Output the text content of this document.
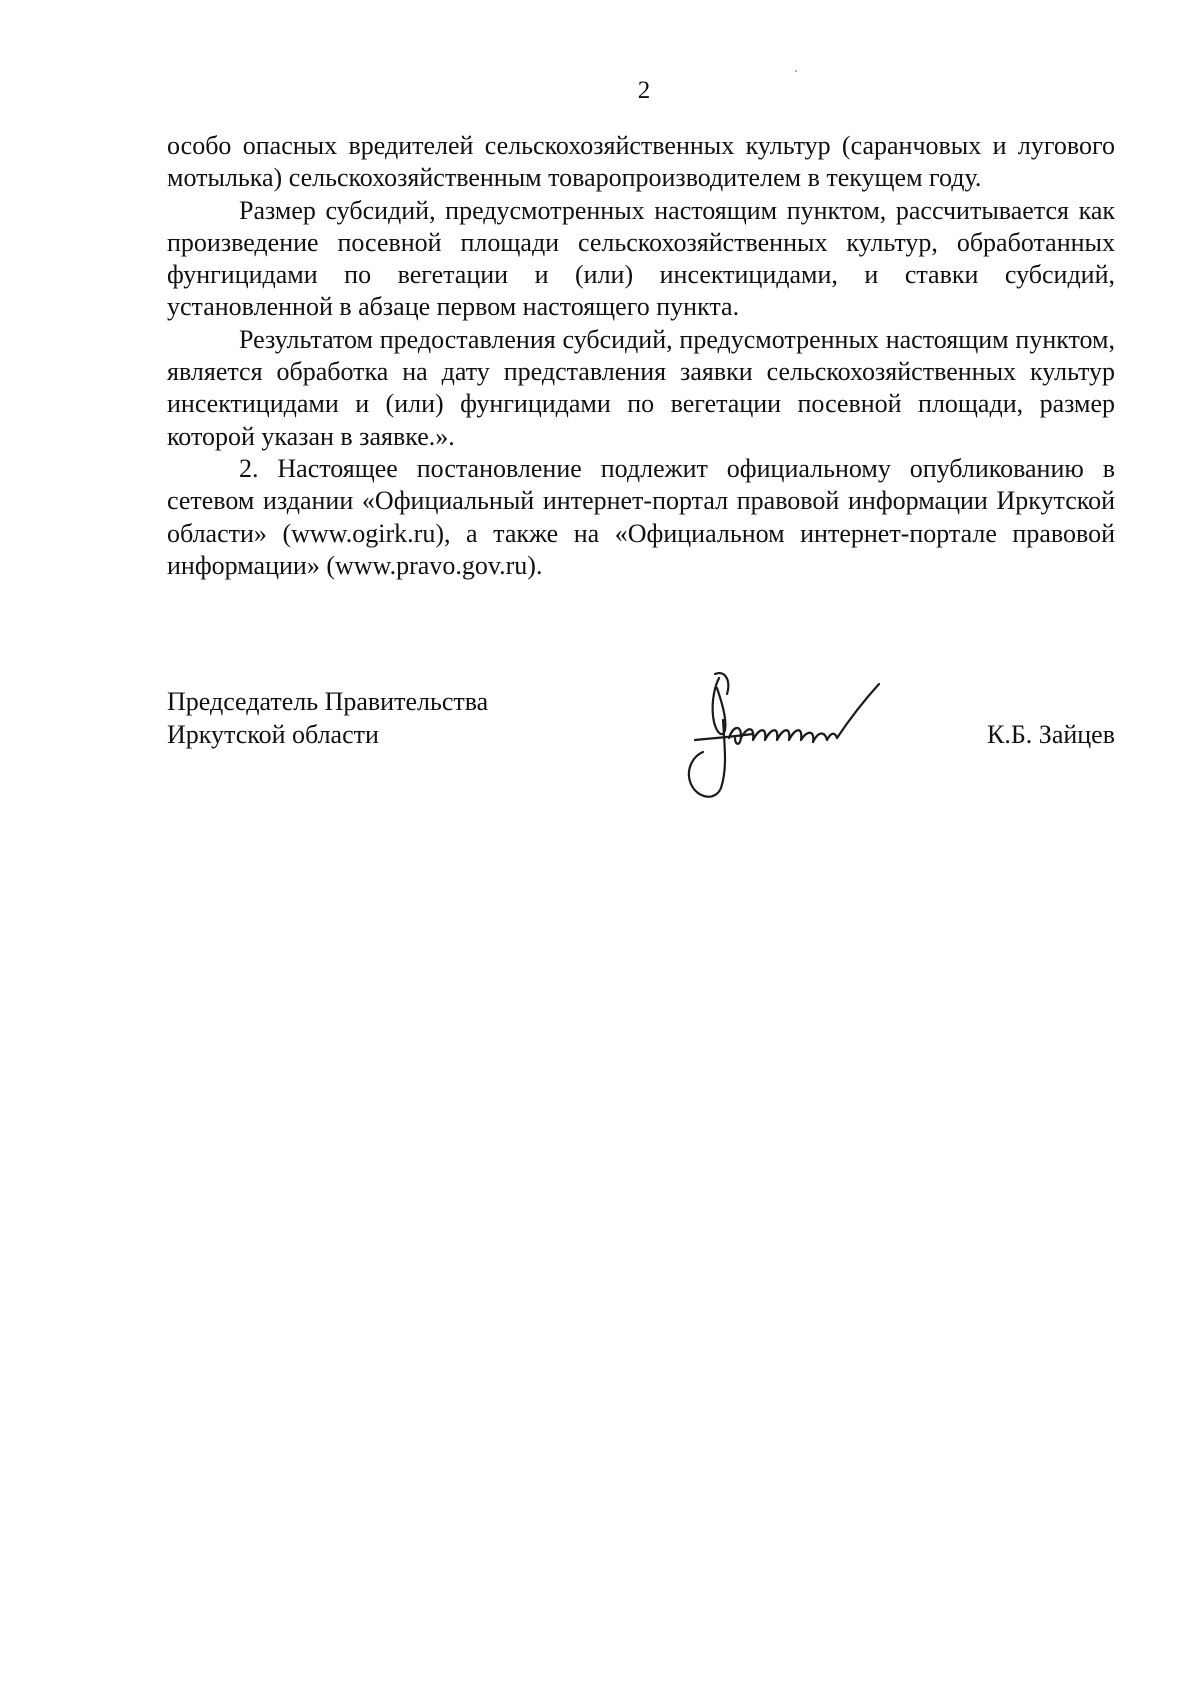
2

особо опасных вредителей сельскохозяйственных культур (саранчовых и лугового мотылька) сельскохозяйственным товаропроизводителем в текущем году.

Размер субсидий, предусмотренных настоящим пунктом, рассчитывается как произведение посевной площади сельскохозяйственных культур, обработанных фунгицидами по вегетации и (или) инсектицидами, и ставки субсидий, установленной в абзаце первом настоящего пункта.

Результатом предоставления субсидий, предусмотренных настоящим пунктом, является обработка на дату представления заявки сельскохозяйственных культур инсектицидами и (или) фунгицидами по вегетации посевной площади, размер которой указан в заявке.».

2. Настоящее постановление подлежит официальному опубликованию в сетевом издании «Официальный интернет-портал правовой информации Иркутской области» (www.ogirk.ru), а также на «Официальном интернет-портале правовой информации» (www.pravo.gov.ru).

Председатель Правительства
Иркутской области	К.Б. Зайцев
